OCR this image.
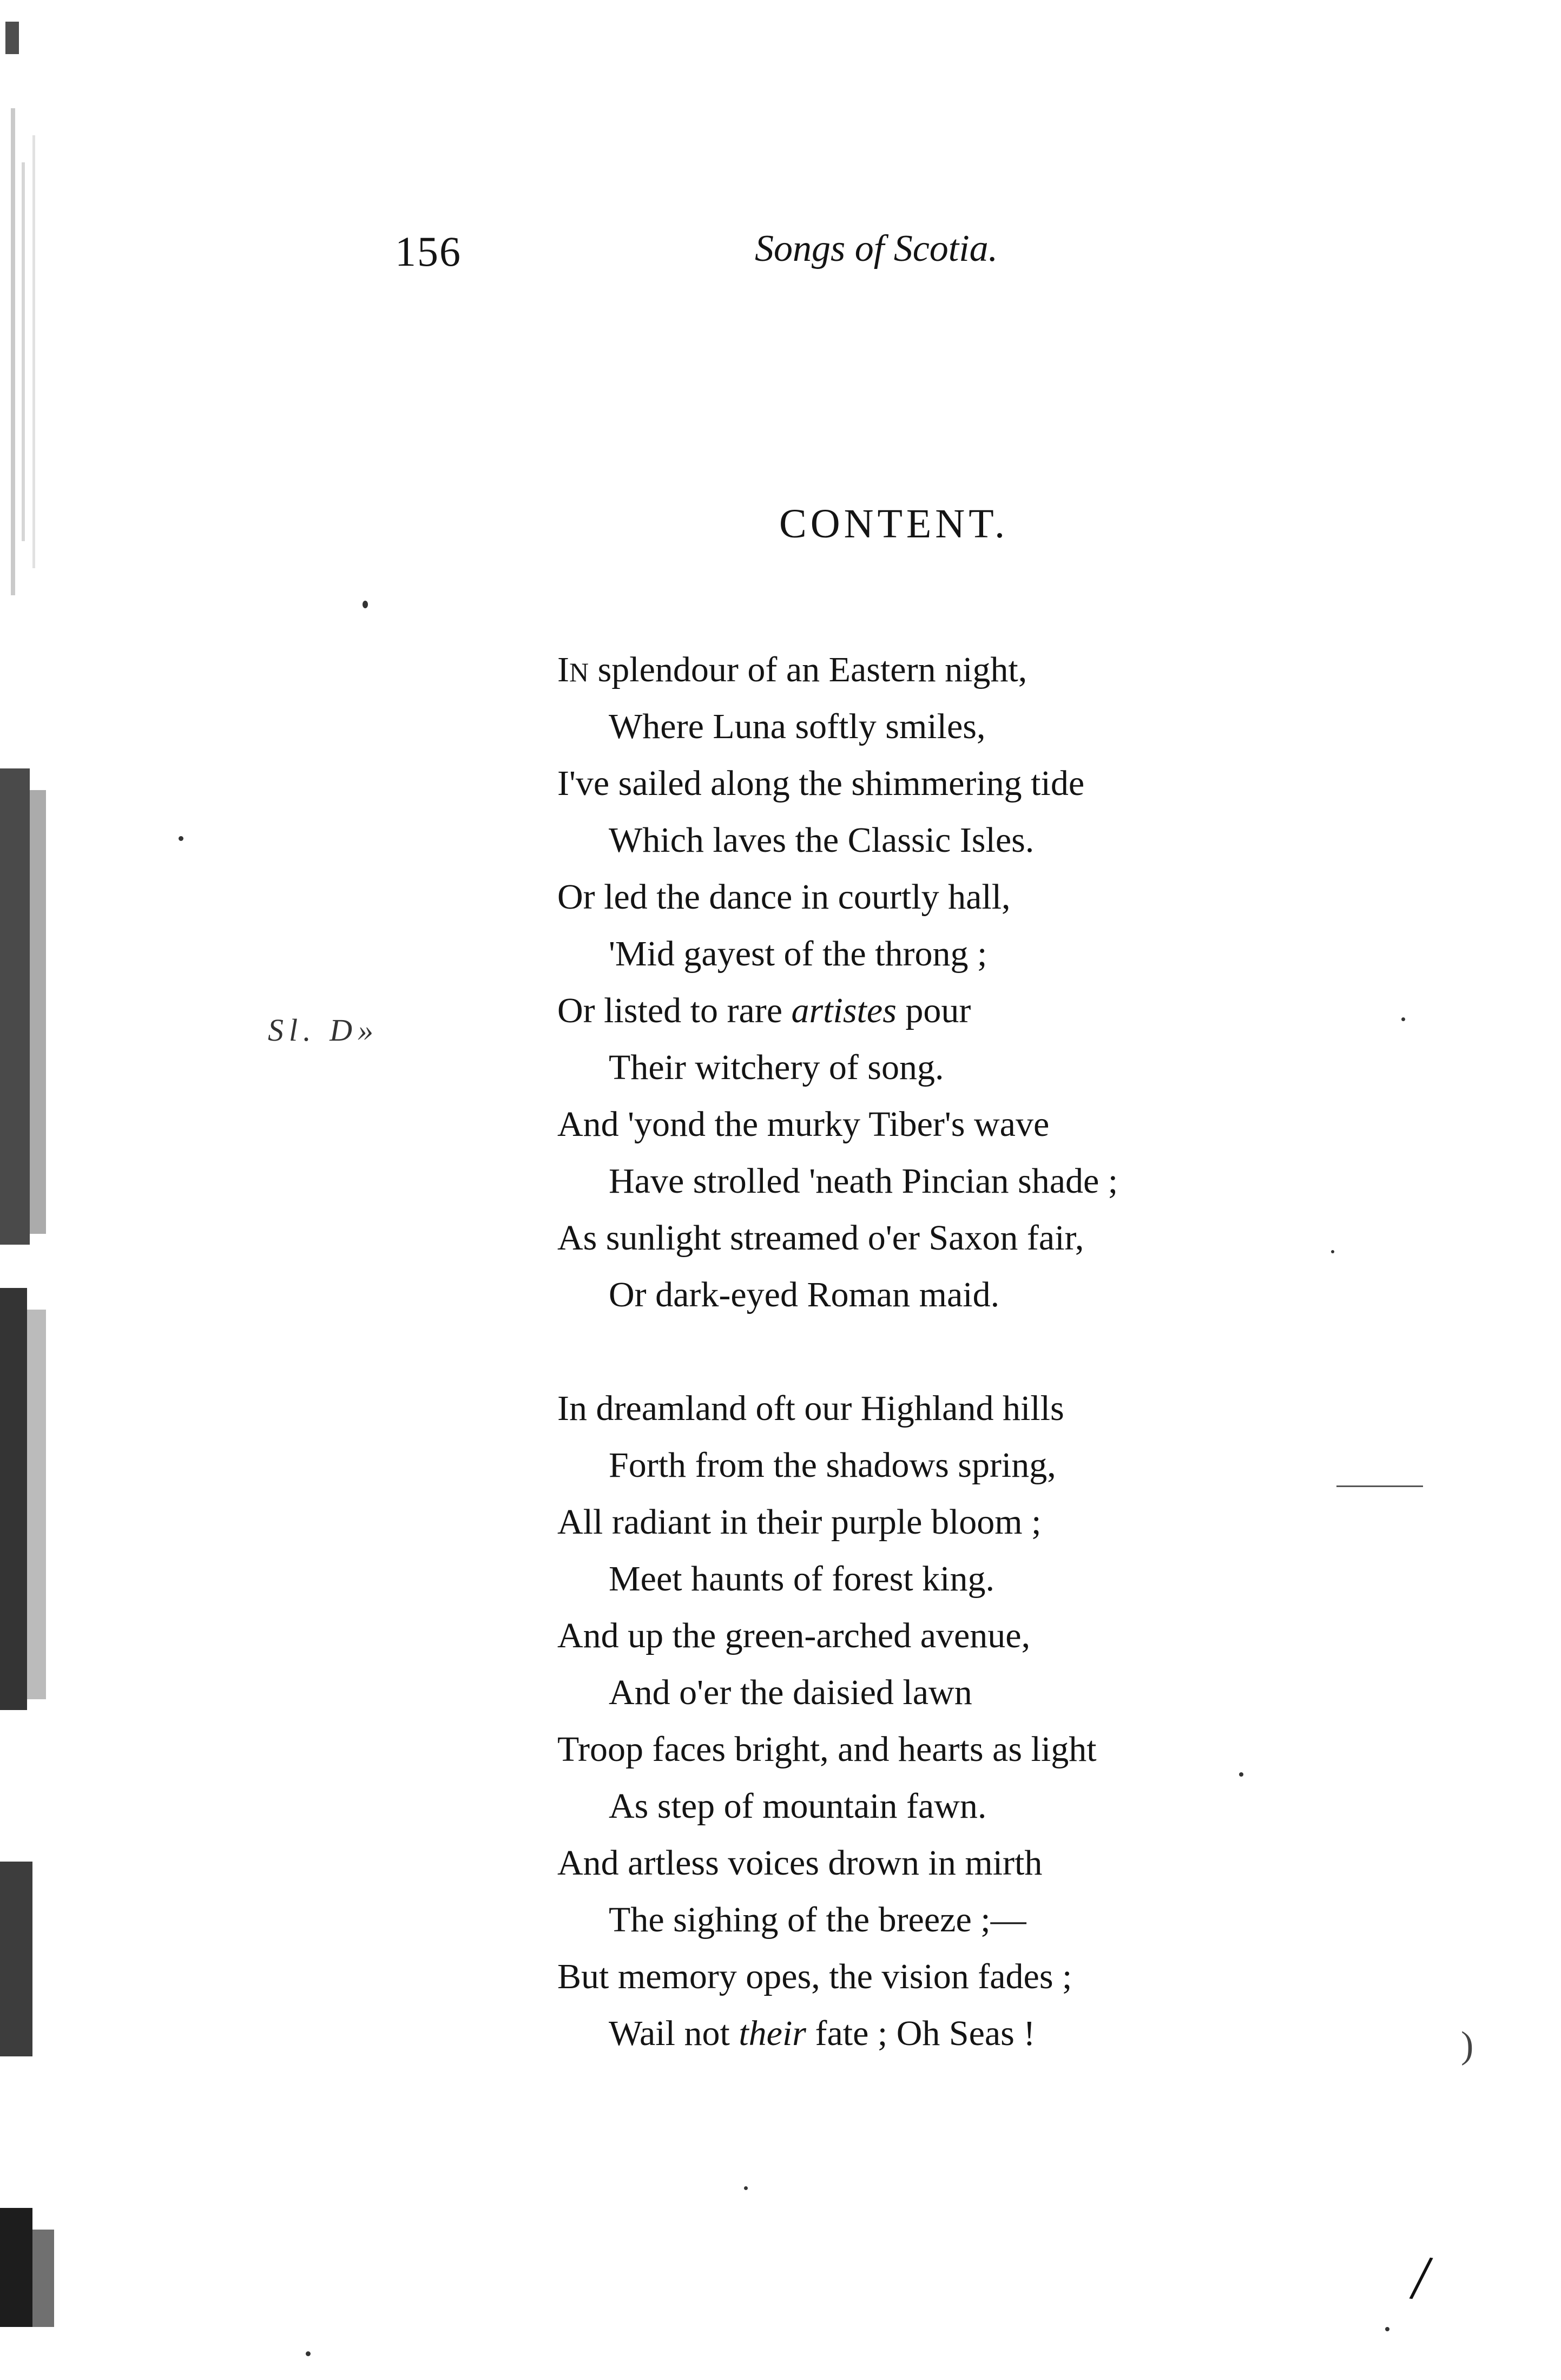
156	Songs of Scotia.
CONTENT.
IN splendour of an Eastern night,
Where Luna softly smiles,
I've sailed along the shimmering tide
Which laves the Classic Isles.
Or led the dance in courtly hall,
'Mid gayest of the throng ;
Or listed to rare artistes pour
Their witchery of song.
And 'yond the murky Tiber's wave
Have strolled 'neath Pincian shade ;
As sunlight streamed o'er Saxon fair,
Or dark-eyed Roman maid.
In dreamland oft our Highland hills
Forth from the shadows spring,
All radiant in their purple bloom ;
Meet haunts of forest king.
And up the green-arched avenue,
And o'er the daisied lawn
Troop faces bright, and hearts as light
As step of mountain fawn.
And artless voices drown in mirth
The sighing of the breeze ;—
But memory opes, the vision fades ;
Wail not their fate ; Oh Seas !
Sl. D»
/
)
